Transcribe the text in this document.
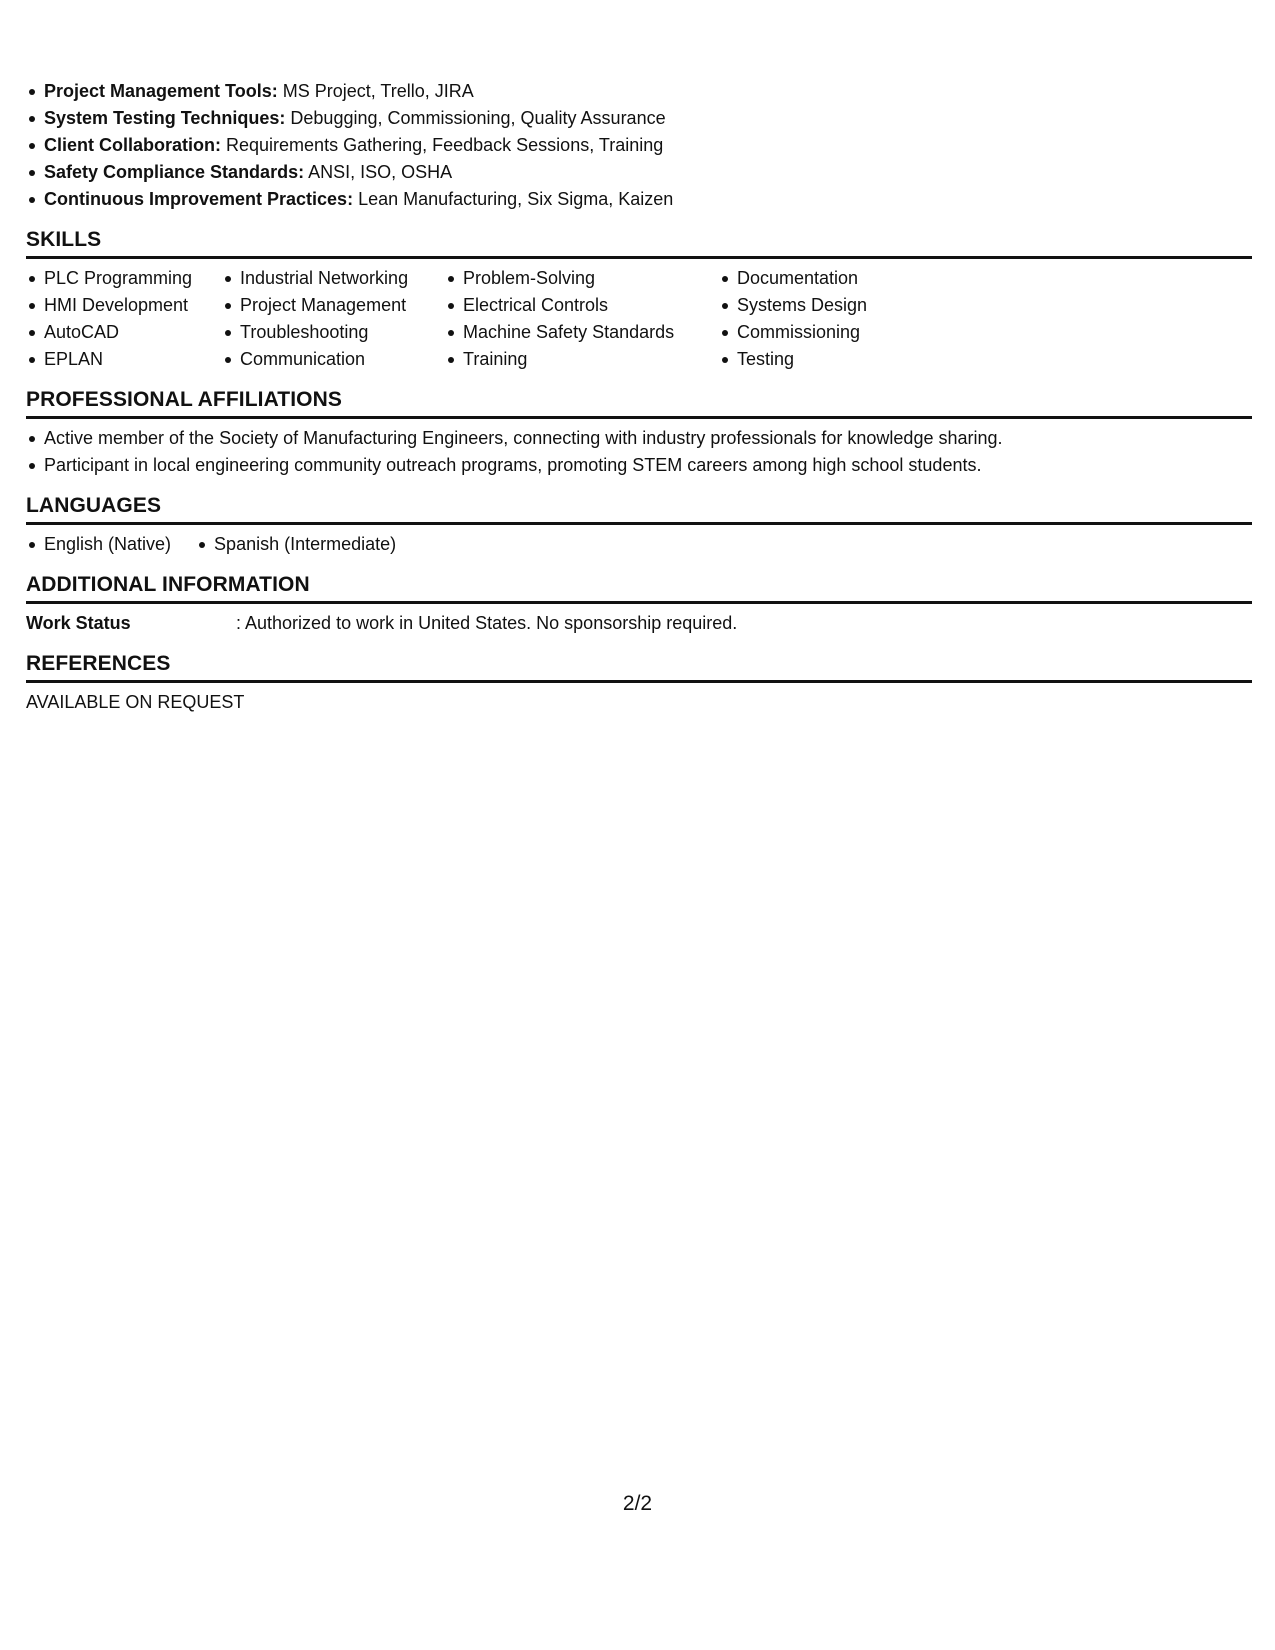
Project Management Tools: MS Project, Trello, JIRA
System Testing Techniques: Debugging, Commissioning, Quality Assurance
Client Collaboration: Requirements Gathering, Feedback Sessions, Training
Safety Compliance Standards: ANSI, ISO, OSHA
Continuous Improvement Practices: Lean Manufacturing, Six Sigma, Kaizen
SKILLS
PLC Programming
HMI Development
AutoCAD
EPLAN
Industrial Networking
Project Management
Troubleshooting
Communication
Problem-Solving
Electrical Controls
Machine Safety Standards
Training
Documentation
Systems Design
Commissioning
Testing
PROFESSIONAL AFFILIATIONS
Active member of the Society of Manufacturing Engineers, connecting with industry professionals for knowledge sharing.
Participant in local engineering community outreach programs, promoting STEM careers among high school students.
LANGUAGES
English (Native) Spanish (Intermediate)
ADDITIONAL INFORMATION
Work Status	: Authorized to work in United States. No sponsorship required.
REFERENCES
AVAILABLE ON REQUEST
2/2
